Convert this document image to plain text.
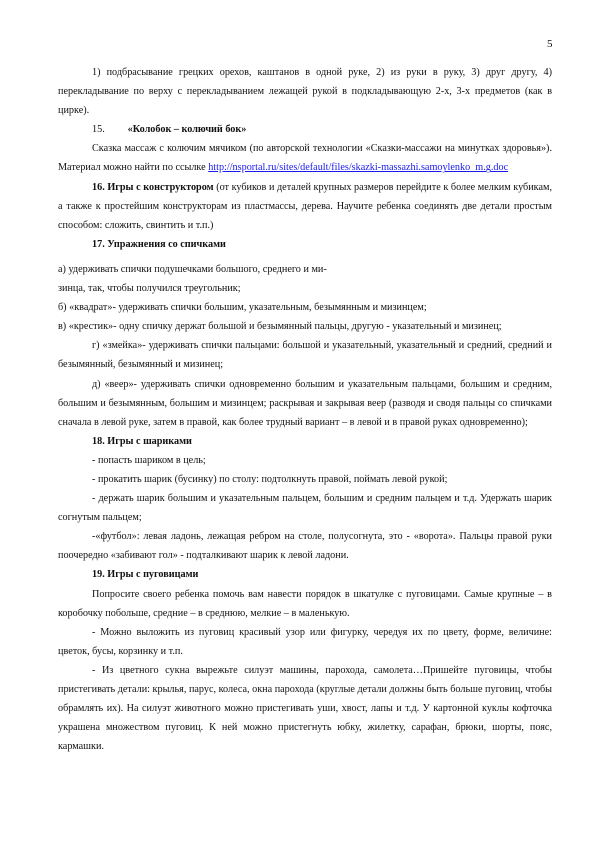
5

1) подбрасывание грецких орехов, каштанов в одной руке, 2) из руки в руку, 3) друг другу, 4) перекладывание по верху с перекладыванием лежащей рукой в подкладывающую 2-х, 3-х предметов (как в цирке).

15. «Колобок – колючий бок»

Сказка массаж с колючим мячиком (по авторской технологии «Сказки-массажи на минутках здоровья»). Материал можно найти по ссылке http://nsportal.ru/sites/default/files/skazki-massazhi.samoylenko_m.g.doc

16. Игры с конструктором (от кубиков и деталей крупных размеров перейдите к более мелким кубикам, а также к простейшим конструкторам из пластмассы, дерева. Научите ребенка соединять две детали простым способом: сложить, свинтить и т.п.)

17. Упражнения со спичками

а) удерживать спички подушечками большого, среднего и ми-

зинца, так, чтобы получился треугольник;

б) «квадрат»- удерживать спички большим, указательным, безымянным и мизинцем;

в) «крестик»- одну спичку держат большой и безымянный пальцы, другую - указательный и мизинец;

г) «змейка»- удерживать спички пальцами: большой и указательный, указательный и средний, средний и безымянный, безымянный и мизинец;

д) «веер»- удерживать спички одновременно большим и указательным пальцами, большим и средним, большим и безымянным, большим и мизинцем; раскрывая и закрывая веер (разводя и сводя пальцы со спичками сначала в левой руке, затем в правой, как более трудный вариант – в левой и в правой руках одновременно);

18. Игры с шариками

- попасть шариком в цель;

- прокатить шарик (бусинку) по столу: подтолкнуть правой, поймать левой рукой;

- держать шарик большим и указательным пальцем, большим и средним пальцем и т.д. Удержать шарик согнутым пальцем;

-«футбол»: левая ладонь, лежащая ребром на столе, полусогнута, это - «ворота». Пальцы правой руки поочередно «забивают гол» - подталкивают шарик к левой ладони.

19. Игры с пуговицами

Попросите своего ребенка помочь вам навести порядок в шкатулке с пуговицами. Самые крупные – в коробочку побольше, средние – в среднюю, мелкие – в маленькую.

- Можно выложить из пуговиц красивый узор или фигурку, чередуя их по цвету, форме, величине: цветок, бусы, корзинку и т.п.

- Из цветного сукна вырежьте силуэт машины, парохода, самолета…Пришейте пуговицы, чтобы пристегивать детали: крылья, парус, колеса, окна парохода (круглые детали должны быть больше пуговиц, чтобы обрамлять их). На силуэт животного можно пристегивать уши, хвост, лапы и т.д. У картонной куклы кофточка украшена множеством пуговиц. К ней можно пристегнуть юбку, жилетку, сарафан, брюки, шорты, пояс, кармашки.
